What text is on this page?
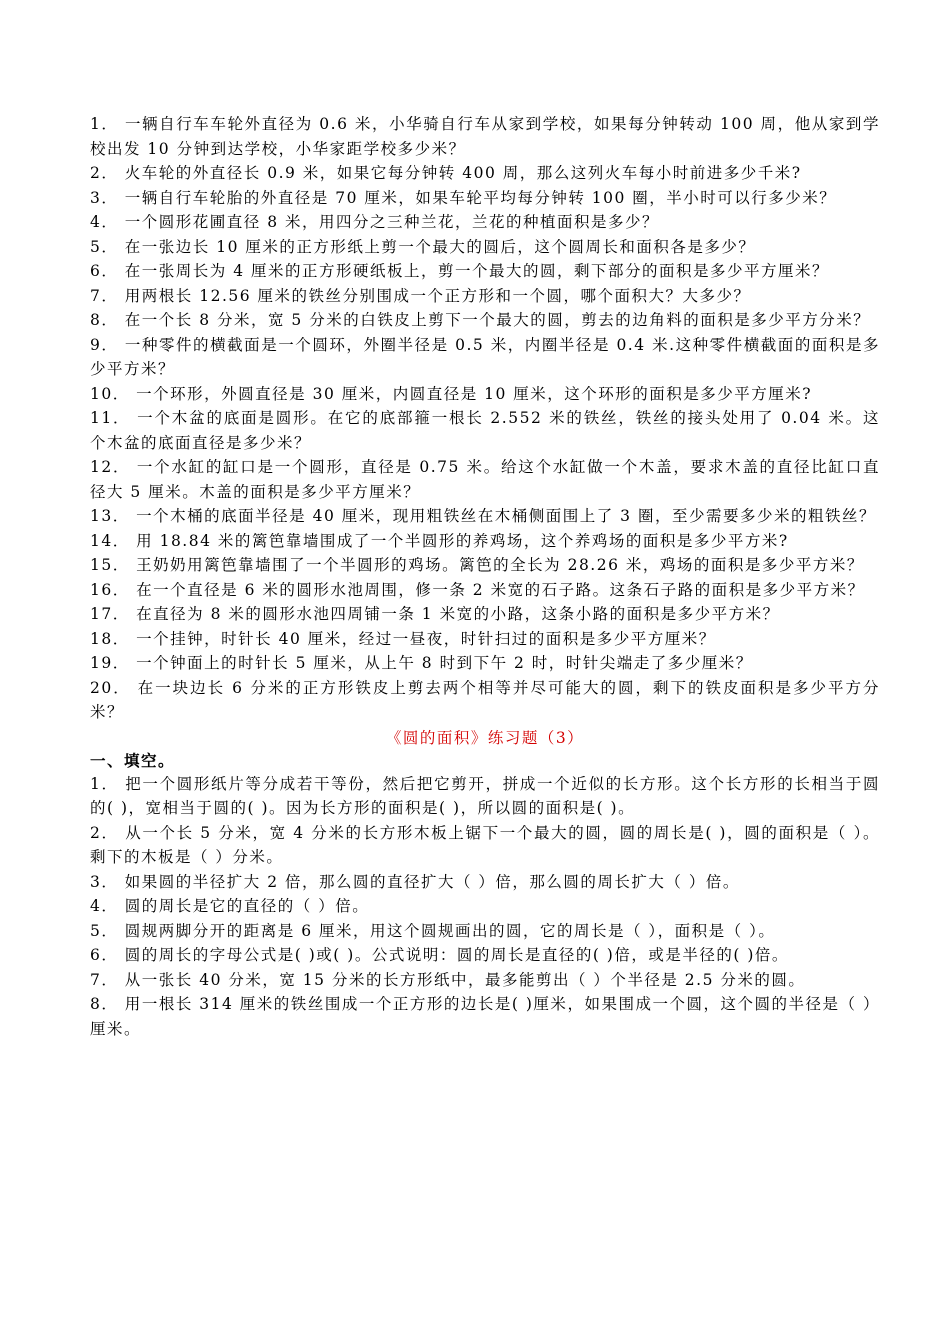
1． 一辆自行车车轮外直径为 0.6 米，小华骑自行车从家到学校，如果每分钟转动 100 周，他从家到学校出发 10 分钟到达学校，小华家距学校多少米？

2． 火车轮的外直径长 0.9 米，如果它每分钟转 400 周，那么这列火车每小时前进多少千米?

3． 一辆自行车轮胎的外直径是 70 厘米，如果车轮平均每分钟转 100 圈，半小时可以行多少米？

4． 一个圆形花圃直径 8 米，用四分之三种兰花，兰花的种植面积是多少？

5． 在一张边长 10 厘米的正方形纸上剪一个最大的圆后，这个圆周长和面积各是多少？

6． 在一张周长为 4 厘米的正方形硬纸板上，剪一个最大的圆，剩下部分的面积是多少平方厘米？

7． 用两根长 12.56 厘米的铁丝分别围成一个正方形和一个圆，哪个面积大？大多少？

8． 在一个长 8 分米，宽 5 分米的白铁皮上剪下一个最大的圆，剪去的边角料的面积是多少平方分米？

9． 一种零件的横截面是一个圆环，外圈半径是 0.5 米，内圈半径是 0.4 米.这种零件横截面的面积是多少平方米？

10． 一个环形，外圆直径是 30 厘米，内圆直径是 10 厘米，这个环形的面积是多少平方厘米?

11． 一个木盆的底面是圆形。在它的底部箍一根长 2.552 米的铁丝，铁丝的接头处用了 0.04 米。这个木盆的底面直径是多少米？

12． 一个水缸的缸口是一个圆形，直径是 0.75 米。给这个水缸做一个木盖，要求木盖的直径比缸口直径大 5 厘米。木盖的面积是多少平方厘米？

13． 一个木桶的底面半径是 40 厘米，现用粗铁丝在木桶侧面围上了 3 圈，至少需要多少米的粗铁丝？

14． 用 18.84 米的篱笆靠墙围成了一个半圆形的养鸡场，这个养鸡场的面积是多少平方米?

15． 王奶奶用篱笆靠墙围了一个半圆形的鸡场。篱笆的全长为 28.26 米，鸡场的面积是多少平方米？

16． 在一个直径是 6 米的圆形水池周围，修一条 2 米宽的石子路。这条石子路的面积是多少平方米？

17． 在直径为 8 米的圆形水池四周铺一条 1 米宽的小路，这条小路的面积是多少平方米？

18． 一个挂钟，时针长 40 厘米，经过一昼夜，时针扫过的面积是多少平方厘米？

19． 一个钟面上的时针长 5 厘米，从上午 8 时到下午 2 时，时针尖端走了多少厘米？

20． 在一块边长 6 分米的正方形铁皮上剪去两个相等并尽可能大的圆，剩下的铁皮面积是多少平方分米？

《圆的面积》练习题（3）

一、填空。

1． 把一个圆形纸片等分成若干等份，然后把它剪开，拼成一个近似的长方形。这个长方形的长相当于圆的( )，宽相当于圆的( )。因为长方形的面积是( )，所以圆的面积是( )。

2． 从一个长 5 分米，宽 4 分米的长方形木板上锯下一个最大的圆，圆的周长是( )，圆的面积是（ ）。 剩下的木板是（ ）分米。

3． 如果圆的半径扩大 2 倍，那么圆的直径扩大（ ）倍，那么圆的周长扩大（ ）倍。

4． 圆的周长是它的直径的（ ）倍。

5． 圆规两脚分开的距离是 6 厘米，用这个圆规画出的圆，它的周长是（ ），面积是（ ）。

6． 圆的周长的字母公式是( )或( )。公式说明：圆的周长是直径的( )倍，或是半径的( )倍。

7． 从一张长 40 分米，宽 15 分米的长方形纸中，最多能剪出（ ）个半径是 2.5 分米的圆。

8． 用一根长 314 厘米的铁丝围成一个正方形的边长是( )厘米，如果围成一个圆，这个圆的半径是（ ）厘米。
